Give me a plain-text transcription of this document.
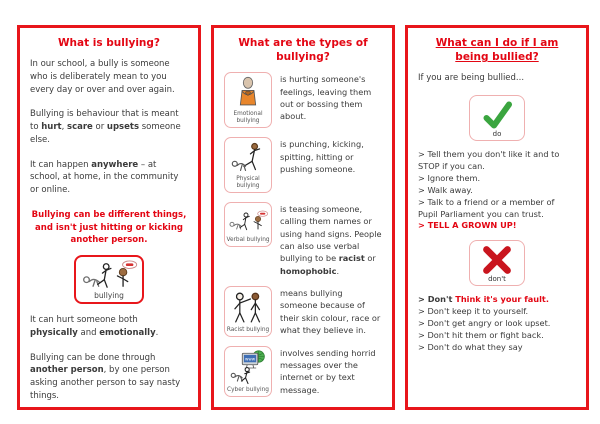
What is bullying?

In our school, a bully is someone who is deliberately mean to you every day or over and over again.

Bullying is behaviour that is meant to hurt, scare or upsets someone else.

It can happen anywhere – at school, at home, in the community or online.

Bullying can be different things, and isn't just hitting or kicking another person.

bullying

It can hurt someone both physically and emotionally.

Bullying can be done through another person, by one person asking another person to say nasty things.

What are the types of bullying?
Emotional bullying
is hurting someone's feelings, leaving them out or bossing them about.
Physical bullying
is punching, kicking, spitting, hitting or pushing someone.
Verbal bullying
is teasing someone, calling them names or using hand signs. People can also use verbal bullying to be racist or homophobic.
Racist bullying
means bullying someone because of their skin colour, race or what they believe in.
www
Cyber bullying
involves sending horrid messages over the internet or by text message.
What can I do if I am being bullied?

If you are being bullied...

do

> Tell them you don't like it and to STOP if you can.

> Ignore them.

> Walk away.

> Talk to a friend or a member of Pupil Parliament you can trust.

> TELL A GROWN UP!

don't

> Don't Think it's your fault.

> Don't keep it to yourself.

> Don't get angry or look upset.

> Don't hit them or fight back.

> Don't do what they say
